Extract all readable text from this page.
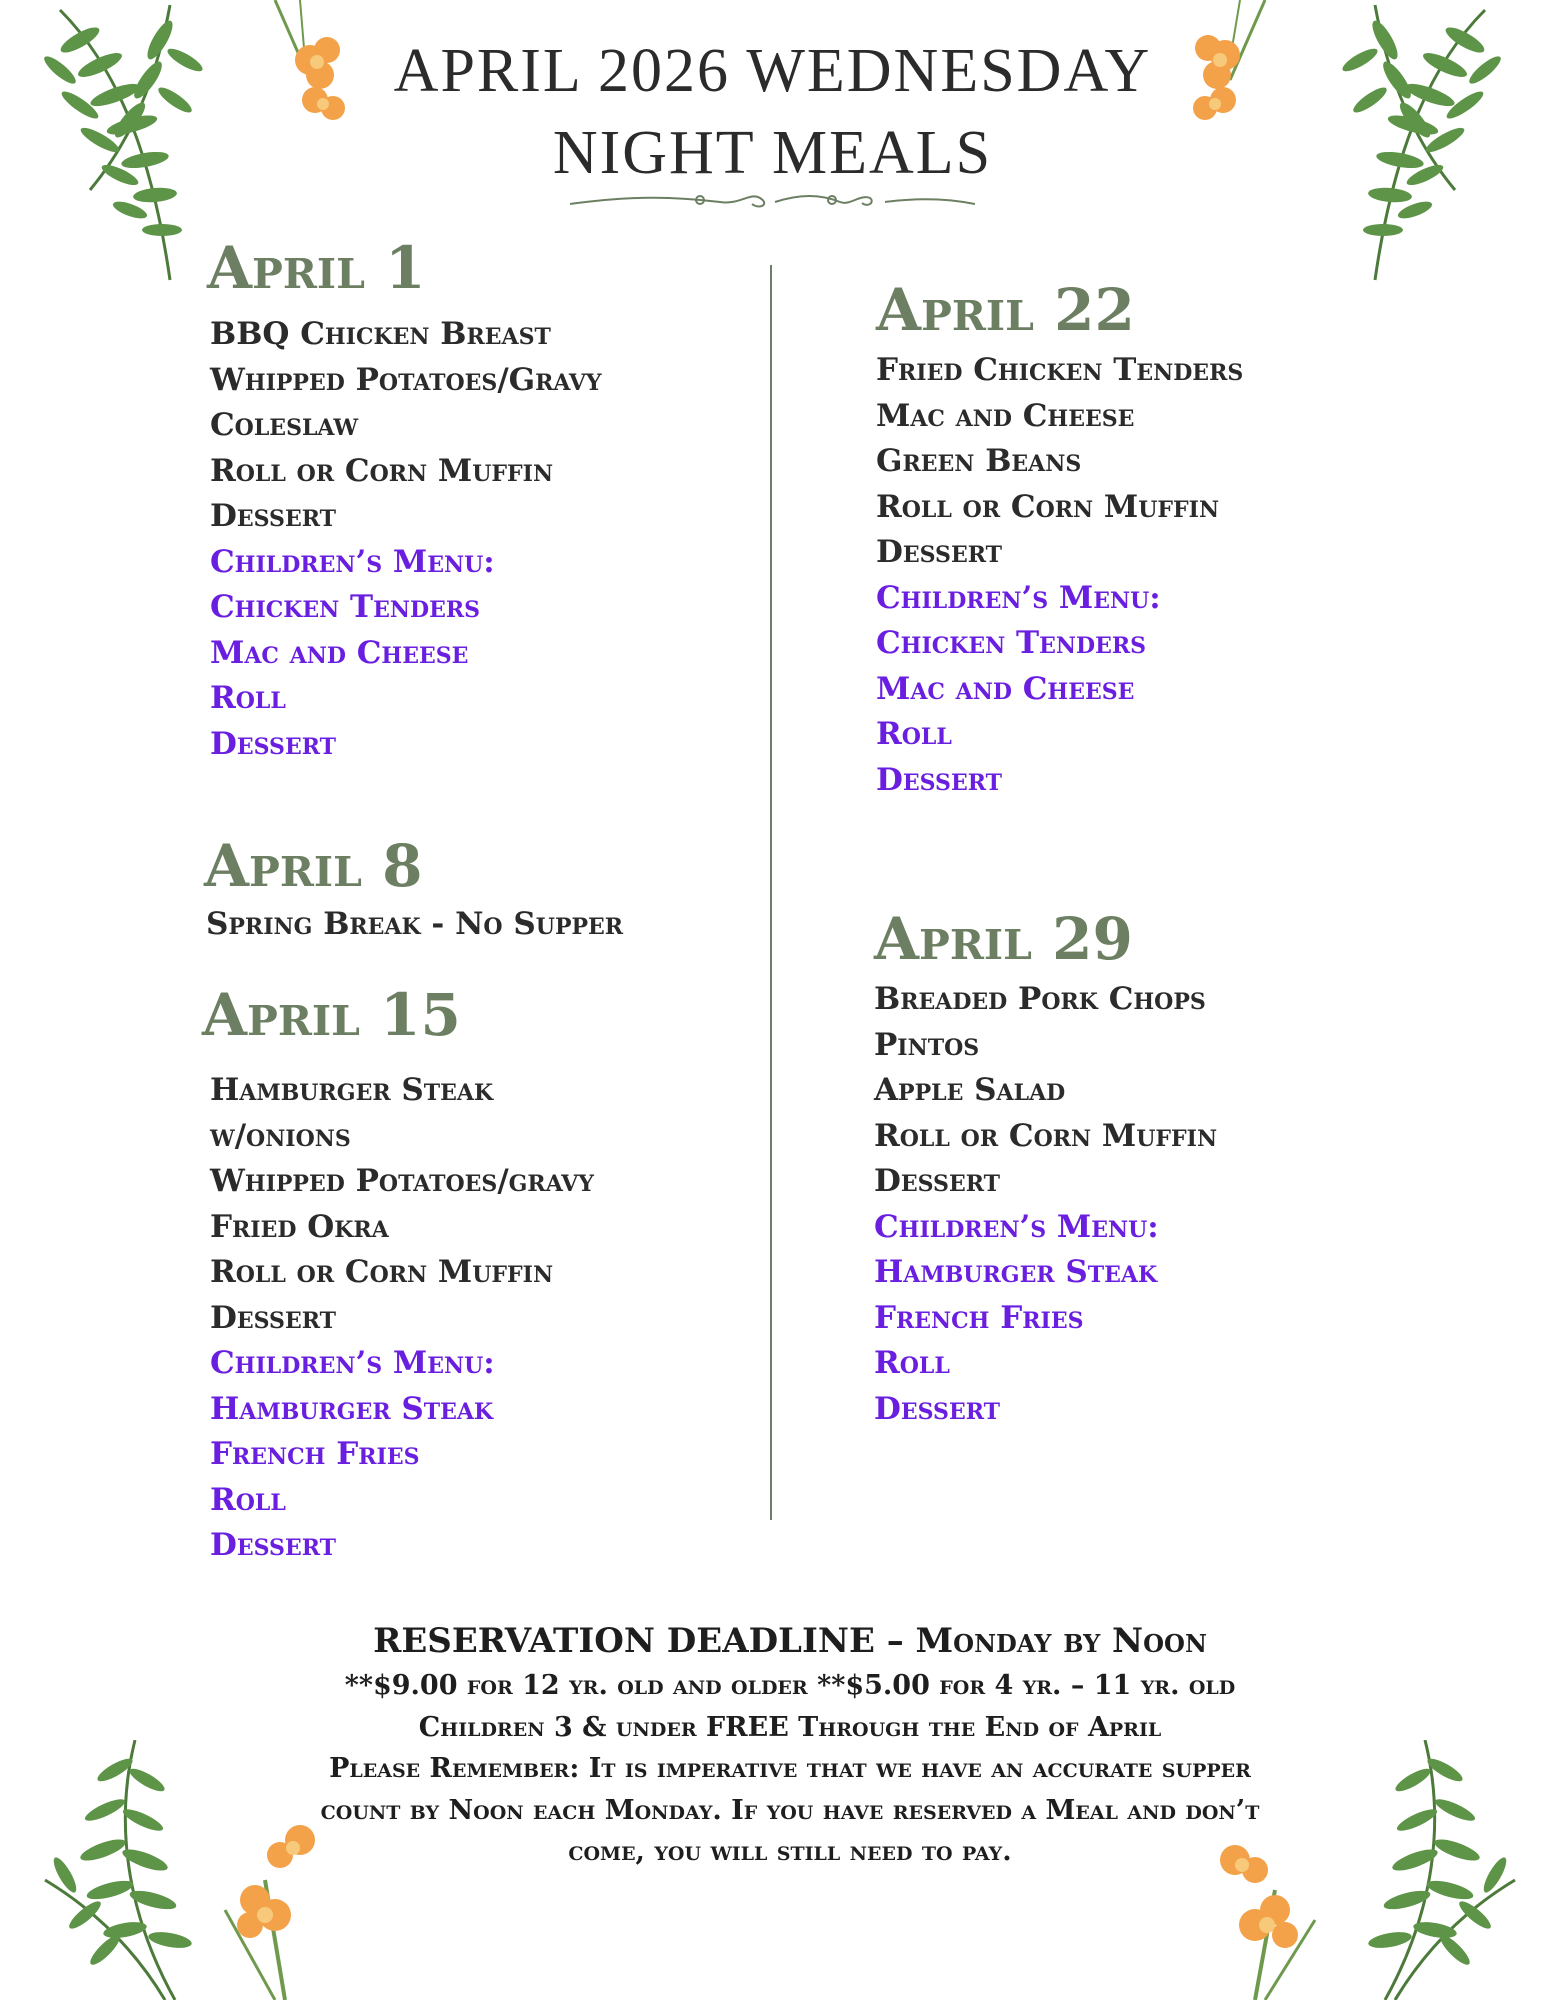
APRIL 2026 WEDNESDAY NIGHT MEALS
April 1
BBQ Chicken Breast
Whipped Potatoes/Gravy
Coleslaw
Roll or Corn Muffin
Dessert
Children’s Menu:
Chicken Tenders
Mac and Cheese
Roll
Dessert
April 8
Spring Break - No Supper
April 15
Hamburger Steak
w/onions
Whipped Potatoes/gravy
Fried Okra
Roll or Corn Muffin
Dessert
Children’s Menu:
Hamburger Steak
French Fries
Roll
Dessert
April 22
Fried Chicken Tenders
Mac and Cheese
Green Beans
Roll or Corn Muffin
Dessert
Children’s Menu:
Chicken Tenders
Mac and Cheese
Roll
Dessert
April 29
Breaded Pork Chops
Pintos
Apple Salad
Roll or Corn Muffin
Dessert
Children’s Menu:
Hamburger Steak
French Fries
Roll
Dessert

RESERVATION DEADLINE – Monday by Noon

**$9.00 for 12 yr. old and older **$5.00 for 4 yr. – 11 yr. old

Children 3 & under FREE Through the End of April

Please Remember: It is imperative that we have an accurate supper

count by Noon each Monday. If you have reserved a Meal and don’t

come, you will still need to pay.
